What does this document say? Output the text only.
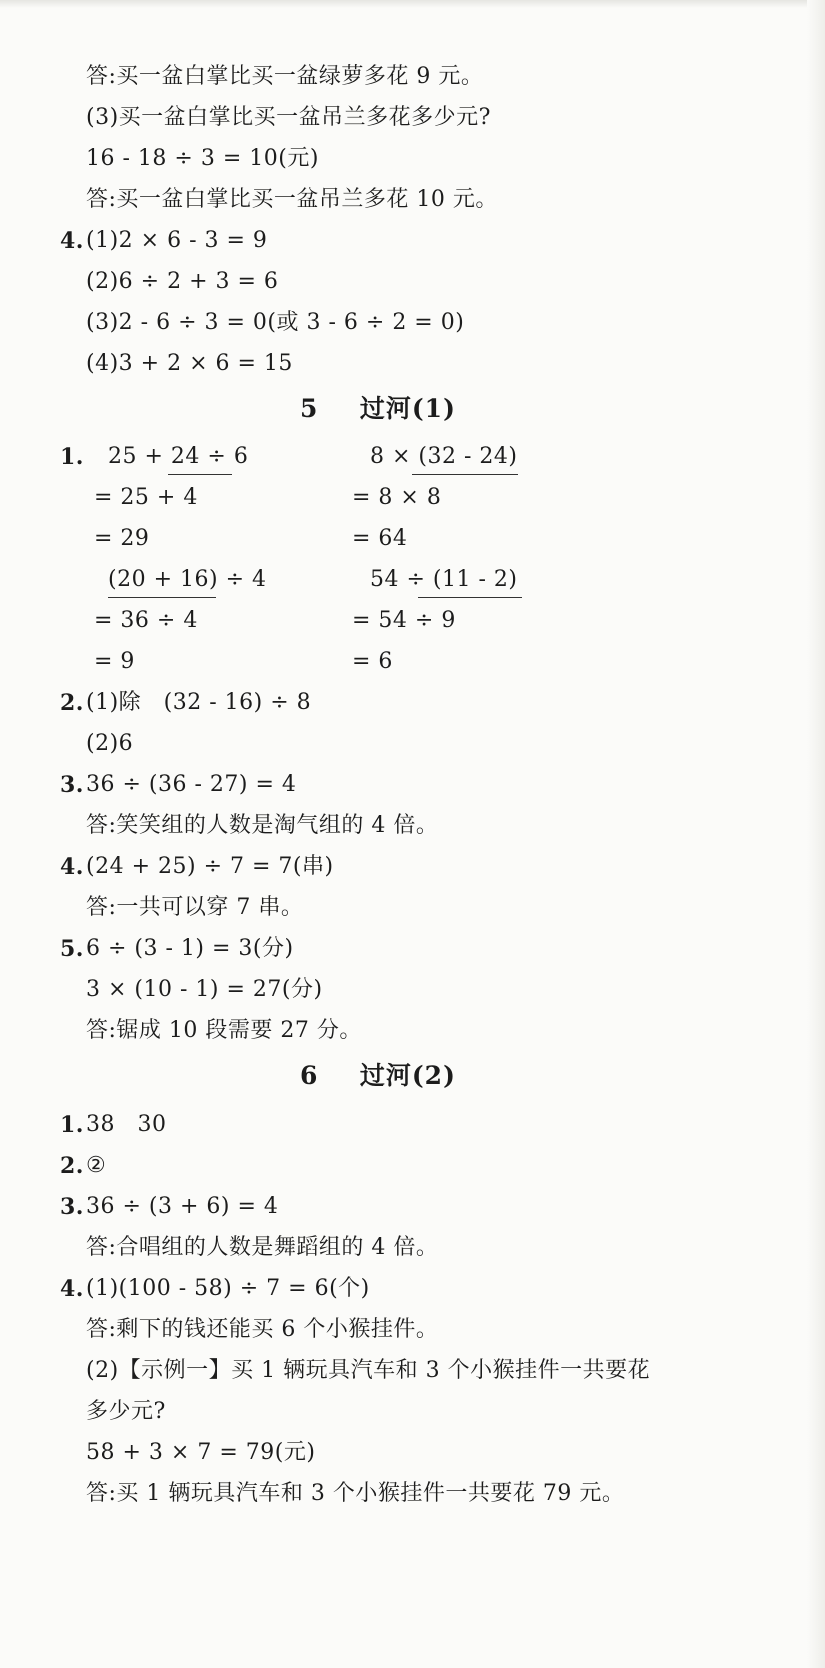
答:买一盆白掌比买一盆绿萝多花 9 元。
(3)买一盆白掌比买一盆吊兰多花多少元?
16 - 18 ÷ 3 = 10(元)
答:买一盆白掌比买一盆吊兰多花 10 元。
4. (1)2 × 6 - 3 = 9
(2)6 ÷ 2 + 3 = 6
(3)2 - 6 ÷ 3 = 0(或 3 - 6 ÷ 2 = 0)
(4)3 + 2 × 6 = 15
5 过河(1)
1. 25 + 24 ÷ 6
= 25 + 4
= 29
8 × (32 - 24)
= 8 × 8
= 64
(20 + 16) ÷ 4
= 36 ÷ 4
= 9
54 ÷ (11 - 2)
= 54 ÷ 9
= 6
2. (1)除　(32 - 16) ÷ 8
(2)6
3. 36 ÷ (36 - 27) = 4
答:笑笑组的人数是淘气组的 4 倍。
4. (24 + 25) ÷ 7 = 7(串)
答:一共可以穿 7 串。
5. 6 ÷ (3 - 1) = 3(分)
3 × (10 - 1) = 27(分)
答:锯成 10 段需要 27 分。
6 过河(2)
1. 38　30
2. ②
3. 36 ÷ (3 + 6) = 4
答:合唱组的人数是舞蹈组的 4 倍。
4. (1)(100 - 58) ÷ 7 = 6(个)
答:剩下的钱还能买 6 个小猴挂件。
(2)【示例一】买 1 辆玩具汽车和 3 个小猴挂件一共要花
多少元?
58 + 3 × 7 = 79(元)
答:买 1 辆玩具汽车和 3 个小猴挂件一共要花 79 元。
